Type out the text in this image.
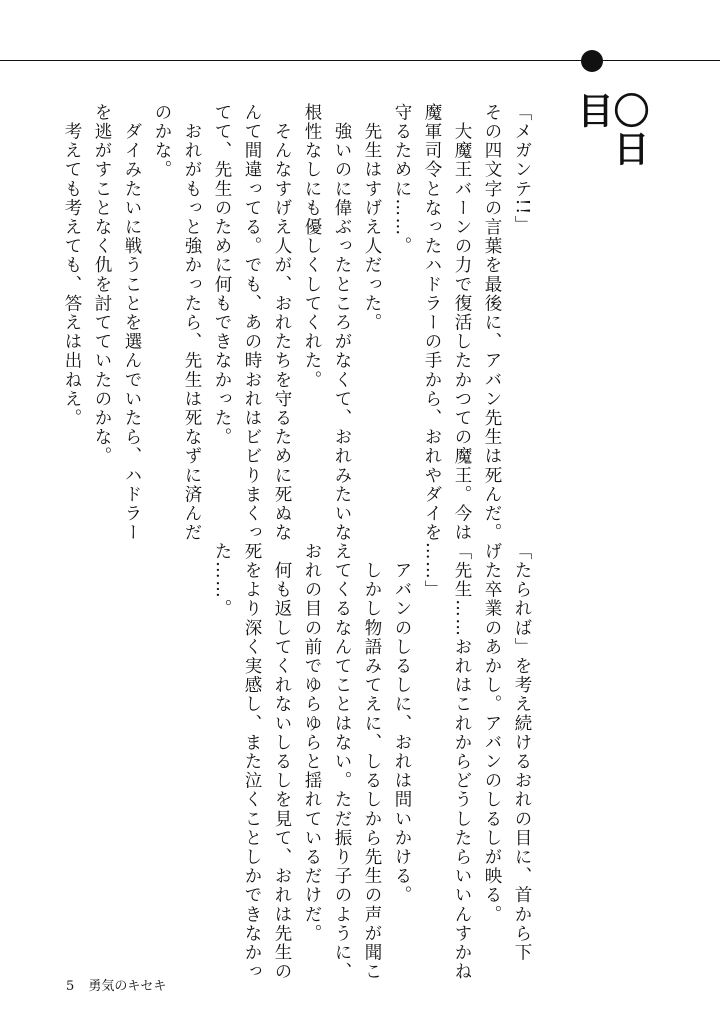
〇日目
「メガンテ!!」
その四文字の言葉を最後に、アバン先生は死んだ。
　大魔王バーンの力で復活したかつての魔王。今は
魔軍司令となったハドラーの手から、おれやダイを
守るために……。
　先生はすげえ人だった。
　強いのに偉ぶったところがなくて、おれみたいな
根性なしにも優しくしてくれた。
　そんなすげえ人が、おれたちを守るために死ぬな
んて間違ってる。でも、あの時おれはビビりまくっ
てて、先生のために何もできなかった。
　おれがもっと強かったら、先生は死なずに済んだ
のかな。
　ダイみたいに戦うことを選んでいたら、ハドラー
を逃がすことなく仇を討てていたのかな。
　考えても考えても、答えは出ねえ。
「たられば」を考え続けるおれの目に、首から下
げた卒業のあかし。アバンのしるしが映る。
「先生……おれはこれからどうしたらいいんすかね
……」
　アバンのしるしに、おれは問いかける。
　しかし物語みてえに、しるしから先生の声が聞こ
えてくるなんてことはない。ただ振り子のように、
おれの目の前でゆらゆらと揺れているだけだ。
　何も返してくれないしるしを見て、おれは先生の
死をより深く実感し、また泣くことしかできなかっ
た……。
5 勇気のキセキ
